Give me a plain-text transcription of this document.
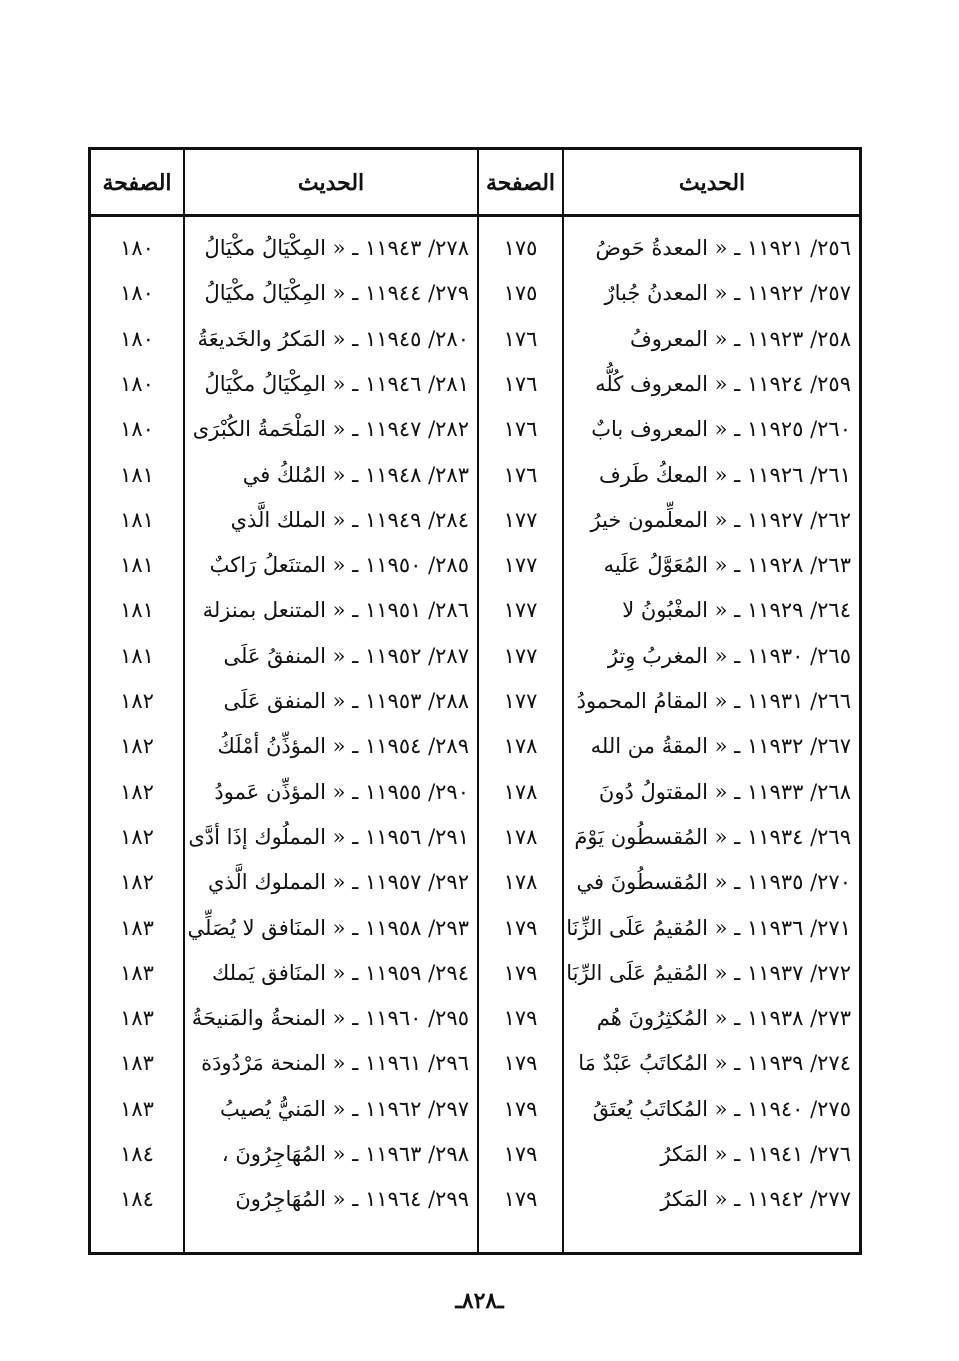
الحديث
الصفحة
الحديث
الصفحة
٢٥٦/ ١١٩٢١ ـ « المعدةُ حَوضُ
١٧٥
٢٧٨/ ١١٩٤٣ ـ « المِكْيَالُ مكْيَالُ
١٨٠
٢٥٧/ ١١٩٢٢ ـ « المعدنُ جُبارٌ
١٧٥
٢٧٩/ ١١٩٤٤ ـ « المِكْيَالُ مكْيَالُ
١٨٠
٢٥٨/ ١١٩٢٣ ـ « المعروفُ
١٧٦
٢٨٠/ ١١٩٤٥ ـ « المَكرُ والخَديعَةُ
١٨٠
٢٥٩/ ١١٩٢٤ ـ « المعروف كُلُّه
١٧٦
٢٨١/ ١١٩٤٦ ـ « المِكْيَالُ مكْيَالُ
١٨٠
٢٦٠/ ١١٩٢٥ ـ « المعروف بابٌ
١٧٦
٢٨٢/ ١١٩٤٧ ـ « المَلْحَمةُ الكُبْرَى
١٨٠
٢٦١/ ١١٩٢٦ ـ « المعكُ طَرف
١٧٦
٢٨٣/ ١١٩٤٨ ـ « المُلكُ في
١٨١
٢٦٢/ ١١٩٢٧ ـ « المعلِّمون خيرُ
١٧٧
٢٨٤/ ١١٩٤٩ ـ « الملك الَّذي
١٨١
٢٦٣/ ١١٩٢٨ ـ « المُعَوَّلُ عَلَيه
١٧٧
٢٨٥/ ١١٩٥٠ ـ « المتنَعلُ رَاكبٌ
١٨١
٢٦٤/ ١١٩٢٩ ـ « المغْبُونُ لا
١٧٧
٢٨٦/ ١١٩٥١ ـ « المتنعل بمنزلة
١٨١
٢٦٥/ ١١٩٣٠ ـ « المغربُ وِترُ
١٧٧
٢٨٧/ ١١٩٥٢ ـ « المنفقُ عَلَى
١٨١
٢٦٦/ ١١٩٣١ ـ « المقامُ المحمودُ
١٧٧
٢٨٨/ ١١٩٥٣ ـ « المنفق عَلَى
١٨٢
٢٦٧/ ١١٩٣٢ ـ « المقةُ من الله
١٧٨
٢٨٩/ ١١٩٥٤ ـ « المؤذِّنُ أمْلَكُ
١٨٢
٢٦٨/ ١١٩٣٣ ـ « المقتولُ دُونَ
١٧٨
٢٩٠/ ١١٩٥٥ ـ « المؤذِّن عَمودُ
١٨٢
٢٦٩/ ١١٩٣٤ ـ « المُقسطُون يَوْمَ
١٧٨
٢٩١/ ١١٩٥٦ ـ « المملُوك إذَا أدَّى
١٨٢
٢٧٠/ ١١٩٣٥ ـ « المُقسطُونَ في
١٧٨
٢٩٢/ ١١٩٥٧ ـ « المملوك الَّذي
١٨٢
٢٧١/ ١١٩٣٦ ـ « المُقيمُ عَلَى الزِّنَا
١٧٩
٢٩٣/ ١١٩٥٨ ـ « المنَافق لا يُصَلِّي
١٨٣
٢٧٢/ ١١٩٣٧ ـ « المُقيمُ عَلَى الرِّبَا
١٧٩
٢٩٤/ ١١٩٥٩ ـ « المنَافق يَملك
١٨٣
٢٧٣/ ١١٩٣٨ ـ « المُكثِرُونَ هُم
١٧٩
٢٩٥/ ١١٩٦٠ ـ « المنحةُ والمَنيحَةُ
١٨٣
٢٧٤/ ١١٩٣٩ ـ « المُكاتَبُ عَبْدٌ مَا
١٧٩
٢٩٦/ ١١٩٦١ ـ « المنحة مَرْدُودَة
١٨٣
٢٧٥/ ١١٩٤٠ ـ « المُكاتَبُ يُعتَقُ
١٧٩
٢٩٧/ ١١٩٦٢ ـ « المَنيُّ يُصيبُ
١٨٣
٢٧٦/ ١١٩٤١ ـ « المَكرُ
١٧٩
٢٩٨/ ١١٩٦٣ ـ « المُهَاجِرُونَ ،
١٨٤
٢٧٧/ ١١٩٤٢ ـ « المَكرُ
١٧٩
٢٩٩/ ١١٩٦٤ ـ « المُهَاجِرُونَ
١٨٤
ـ٨٢٨ـ
